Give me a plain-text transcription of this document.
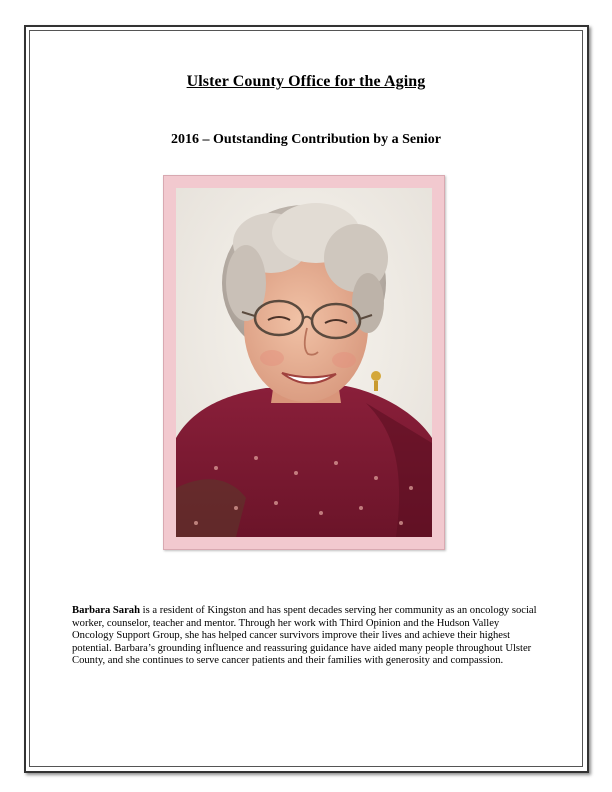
Ulster County Office for the Aging
2016 – Outstanding Contribution by a Senior
Barbara Sarah is a resident of Kingston and has spent decades serving her community as an oncology social worker, counselor, teacher and mentor. Through her work with Third Opinion and the Hudson Valley Oncology Support Group, she has helped cancer survivors improve their lives and achieve their highest potential. Barbara’s grounding influence and reassuring guidance have aided many people throughout Ulster County, and she continues to serve cancer patients and their families with generosity and compassion.
